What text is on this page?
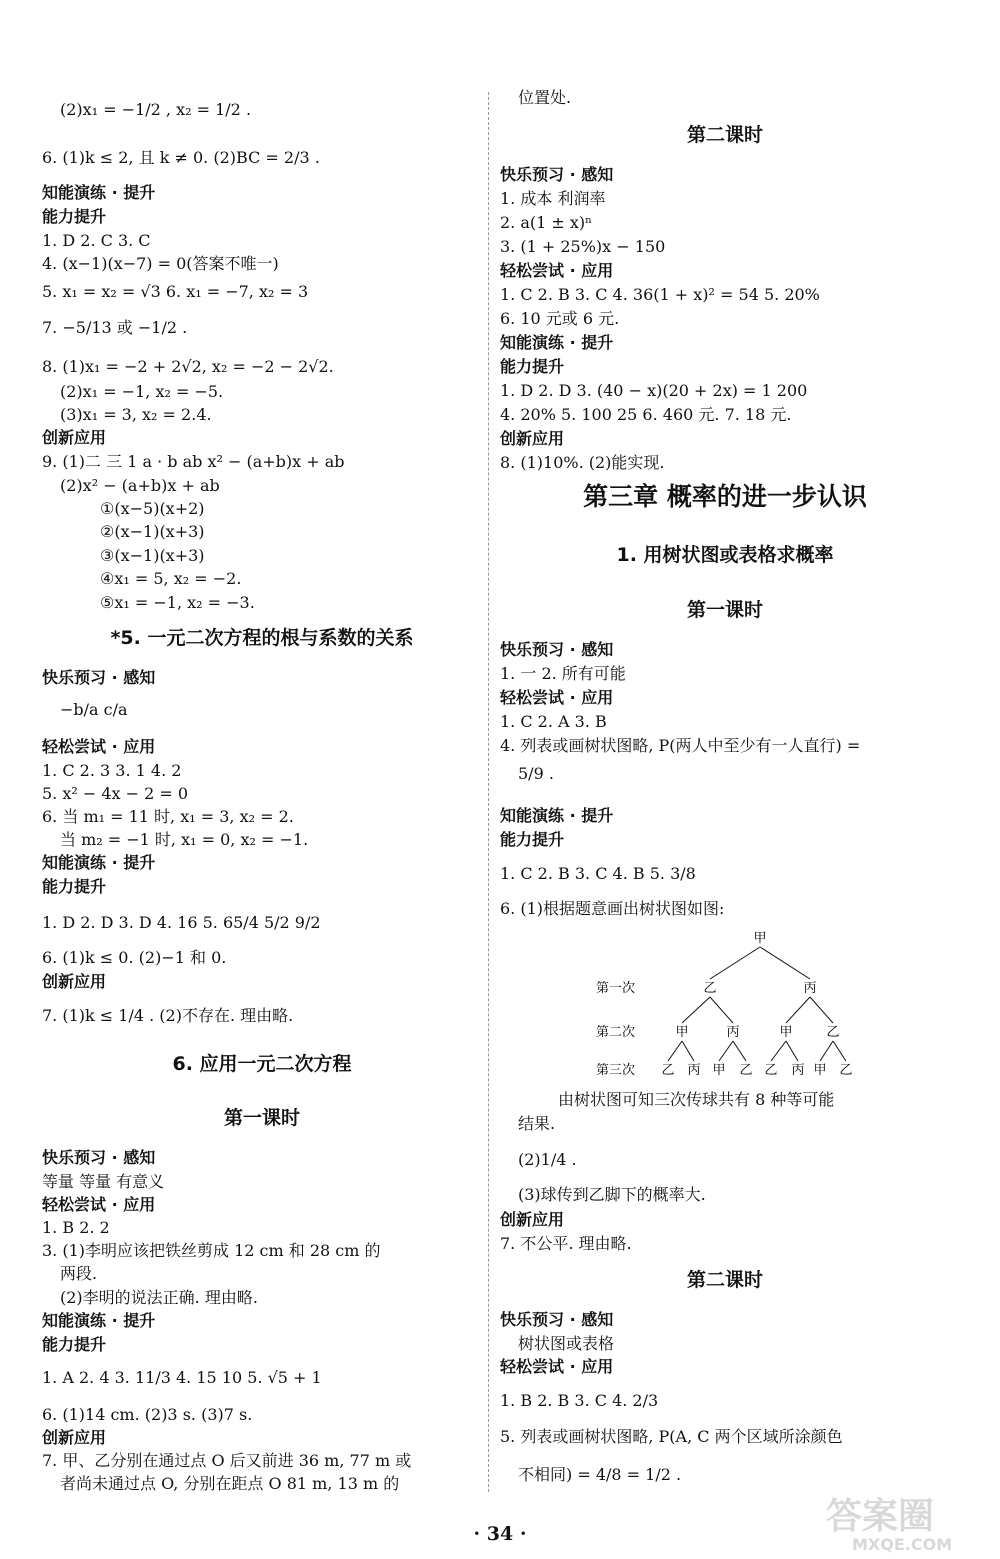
(2)x₁ = −1/2 , x₂ = 1/2 .
6. (1)k ≤ 2, 且 k ≠ 0. (2)BC = 2/3 .
知能演练 · 提升
能力提升
1. D 2. C 3. C
4. (x−1)(x−7) = 0(答案不唯一)
5. x₁ = x₂ = √3 6. x₁ = −7, x₂ = 3
7. −5/13 或 −1/2 .
8. (1)x₁ = −2 + 2√2, x₂ = −2 − 2√2.
(2)x₁ = −1, x₂ = −5.
(3)x₁ = 3, x₂ = 2.4.
创新应用
9. (1)二 三 1 a · b ab x² − (a+b)x + ab
(2)x² − (a+b)x + ab
①(x−5)(x+2)
②(x−1)(x+3)
③(x−1)(x+3)
④x₁ = 5, x₂ = −2.
⑤x₁ = −1, x₂ = −3.
*5. 一元二次方程的根与系数的关系
快乐预习 · 感知
−b/a c/a
轻松尝试 · 应用
1. C 2. 3 3. 1 4. 2
5. x² − 4x − 2 = 0
6. 当 m₁ = 11 时, x₁ = 3, x₂ = 2.
当 m₂ = −1 时, x₁ = 0, x₂ = −1.
知能演练 · 提升
能力提升
1. D 2. D 3. D 4. 16 5. 65/4 5/2 9/2
6. (1)k ≤ 0. (2)−1 和 0.
创新应用
7. (1)k ≤ 1/4 . (2)不存在. 理由略.
6. 应用一元二次方程
第一课时
快乐预习 · 感知
等量 等量 有意义
轻松尝试 · 应用
1. B 2. 2
3. (1)李明应该把铁丝剪成 12 cm 和 28 cm 的
两段.
(2)李明的说法正确. 理由略.
知能演练 · 提升
能力提升
1. A 2. 4 3. 11/3 4. 15 10 5. √5 + 1
6. (1)14 cm. (2)3 s. (3)7 s.
创新应用
7. 甲、乙分别在通过点 O 后又前进 36 m, 77 m 或
者尚未通过点 O, 分别在距点 O 81 m, 13 m 的
位置处.
第二课时
快乐预习 · 感知
1. 成本 利润率
2. a(1 ± x)ⁿ
3. (1 + 25%)x − 150
轻松尝试 · 应用
1. C 2. B 3. C 4. 36(1 + x)² = 54 5. 20%
6. 10 元或 6 元.
知能演练 · 提升
能力提升
1. D 2. D 3. (40 − x)(20 + 2x) = 1 200
4. 20% 5. 100 25 6. 460 元. 7. 18 元.
创新应用
8. (1)10%. (2)能实现.
第三章 概率的进一步认识
1. 用树状图或表格求概率
第一课时
快乐预习 · 感知
1. 一 2. 所有可能
轻松尝试 · 应用
1. C 2. A 3. B
4. 列表或画树状图略, P(两人中至少有一人直行) =
5/9 .
知能演练 · 提升
能力提升
1. C 2. B 3. C 4. B 5. 3/8
6. (1)根据题意画出树状图如图:
由树状图可知三次传球共有 8 种等可能
结果.
(2)1/4 .
(3)球传到乙脚下的概率大.
创新应用
7. 不公平. 理由略.
第二课时
快乐预习 · 感知
树状图或表格
轻松尝试 · 应用
1. B 2. B 3. C 4. 2/3
5. 列表或画树状图略, P(A, C 两个区域所涂颜色
不相同) = 4/8 = 1/2 .
甲
乙	丙
甲	丙	甲	乙
乙 丙 甲 乙 乙 丙 甲 乙
第一次
第二次
第三次
· 34 ·	答案圈
MXQE.COM
